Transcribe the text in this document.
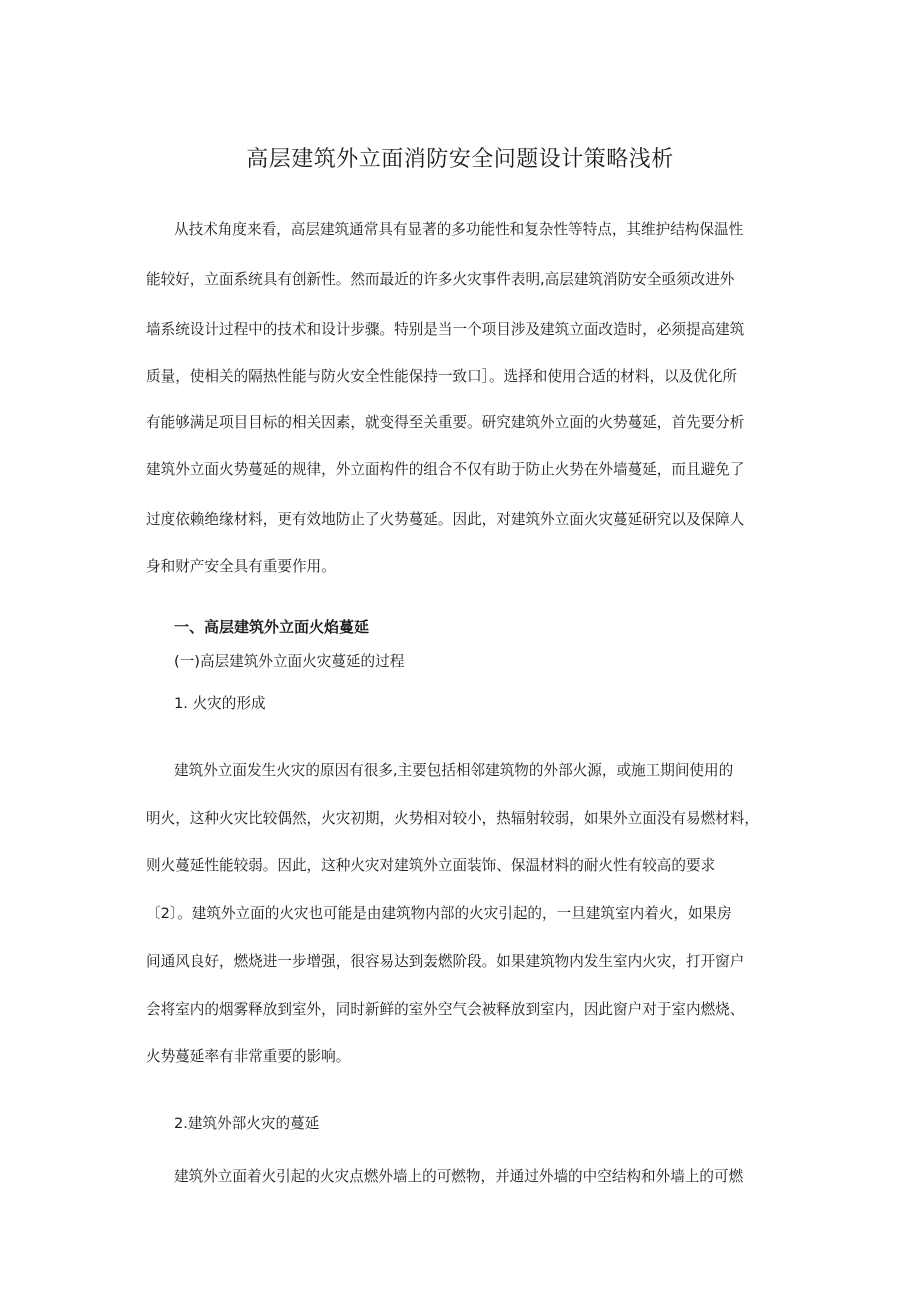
高层建筑外立面消防安全问题设计策略浅析
从技术角度来看，高层建筑通常具有显著的多功能性和复杂性等特点，其维护结构保温性
能较好，立面系统具有创新性。然而最近的许多火灾事件表明,高层建筑消防安全亟须改进外
墙系统设计过程中的技术和设计步骤。特别是当一个项目涉及建筑立面改造时，必须提高建筑
质量，使相关的隔热性能与防火安全性能保持一致口］。选择和使用合适的材料，以及优化所
有能够满足项目目标的相关因素，就变得至关重要。研究建筑外立面的火势蔓延，首先要分析
建筑外立面火势蔓延的规律，外立面构件的组合不仅有助于防止火势在外墙蔓延，而且避免了
过度依赖绝缘材料，更有效地防止了火势蔓延。因此，对建筑外立面火灾蔓延研究以及保障人
身和财产安全具有重要作用。
一、高层建筑外立面火焰蔓延
(一)高层建筑外立面火灾蔓延的过程
1. 火灾的形成
建筑外立面发生火灾的原因有很多,主要包括相邻建筑物的外部火源，或施工期间使用的
明火，这种火灾比较偶然，火灾初期，火势相对较小，热辐射较弱，如果外立面没有易燃材料，
则火蔓延性能较弱。因此，这种火灾对建筑外立面装饰、保温材料的耐火性有较高的要求
〔2〕。建筑外立面的火灾也可能是由建筑物内部的火灾引起的，一旦建筑室内着火，如果房
间通风良好，燃烧进一步增强，很容易达到轰燃阶段。如果建筑物内发生室内火灾，打开窗户
会将室内的烟雾释放到室外，同时新鲜的室外空气会被释放到室内，因此窗户对于室内燃烧、
火势蔓延率有非常重要的影响。
2.建筑外部火灾的蔓延
建筑外立面着火引起的火灾点燃外墙上的可燃物，并通过外墙的中空结构和外墙上的可燃
